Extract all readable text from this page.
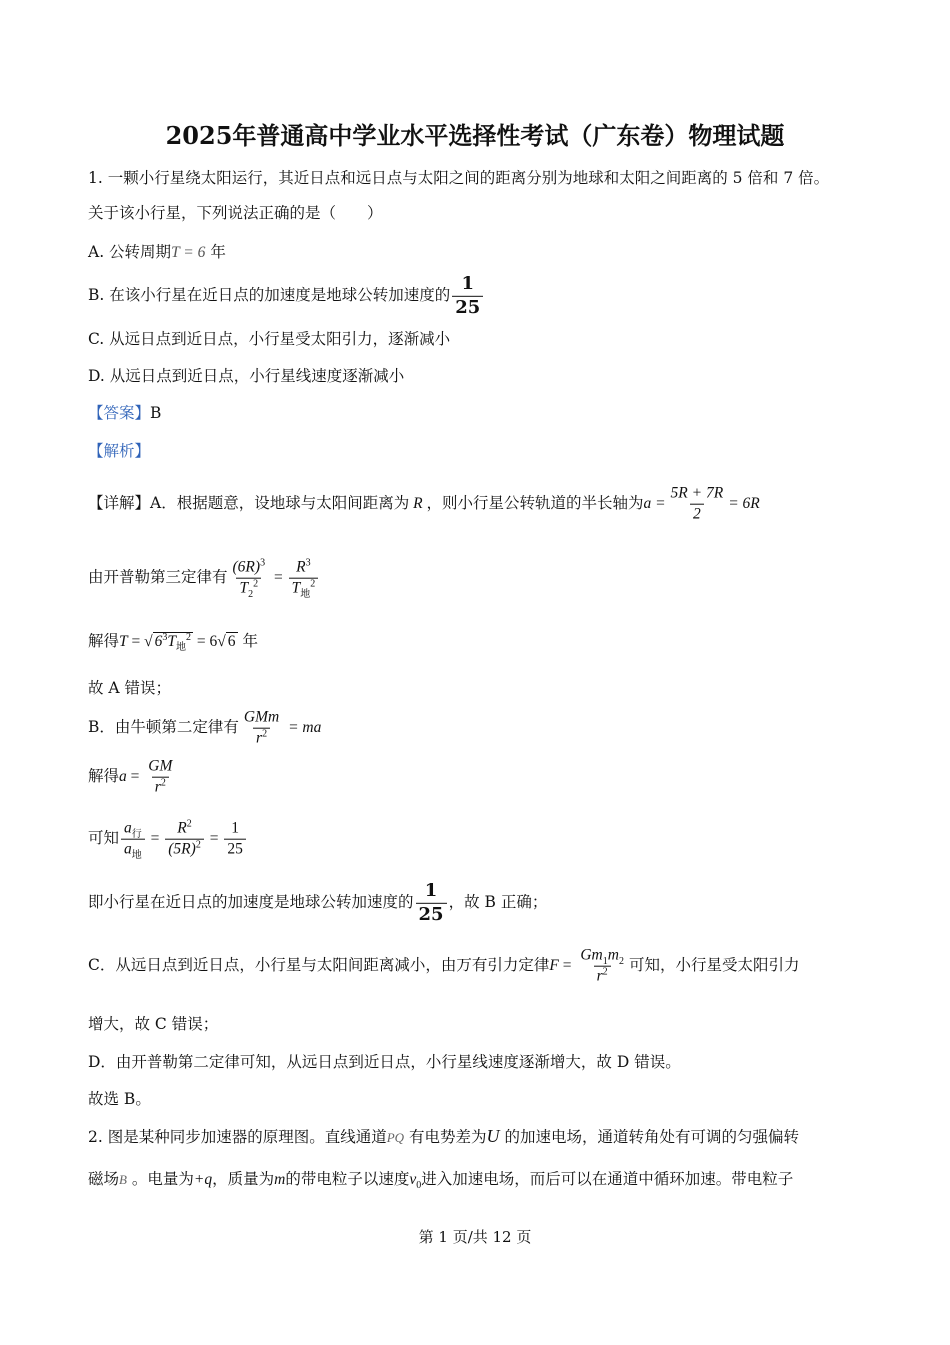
2025年普通高中学业水平选择性考试（广东卷）物理试题
1. 一颗小行星绕太阳运行，其近日点和远日点与太阳之间的距离分别为地球和太阳之间距离的 5 倍和 7 倍。
关于该小行星，下列说法正确的是（　　）
A. 公转周期T = 6 年
B. 在该小行星在近日点的加速度是地球公转加速度的 $\frac{1}{25}$
C. 从远日点到近日点，小行星受太阳引力，逐渐减小
D. 从远日点到近日点，小行星线速度逐渐减小
【答案】B
【解析】
【详解】A．根据题意，设地球与太阳间距离为 R ，则小行星公转轨道的半长轴为$a = \frac{5R + 7R}{2} = 6R$
由开普勒第三定律有 $\frac{(6R)^3}{T_2^2} = \frac{R^3}{T_地^2}$
解得T = √ $6^3T_地^2 = 6√$ 6 年
故 A 错误；
B．由牛顿第二定律有 $\frac{\text{GMm}}{r^2}$ = ma
解得$a = \frac{GM}{r^2}$
可知 $\frac{a_行}{a_地} = \frac{R^2}{(5R)^2} = \frac{1}{25}$
即小行星在近日点的加速度是地球公转加速度的 $\frac{1}{25}$ ，故 B 正确；
C．从远日点到近日点，小行星与太阳间距离减小，由万有引力定律$F = \frac{Gm_1m_2}{r^2}$ 可知，小行星受太阳引力
增大，故 C 错误；
D．由开普勒第二定律可知，从远日点到近日点，小行星线速度逐渐增大，故 D 错误。
故选 B。
2. 图是某种同步加速器的原理图。直线通道PQ 有电势差为U 的加速电场，通道转角处有可调的匀强偏转
磁场B 。电量为+q，质量为m的带电粒子以速度$v_0$进入加速电场，而后可以在通道中循环加速。带电粒子
第 1 页/共 12 页
